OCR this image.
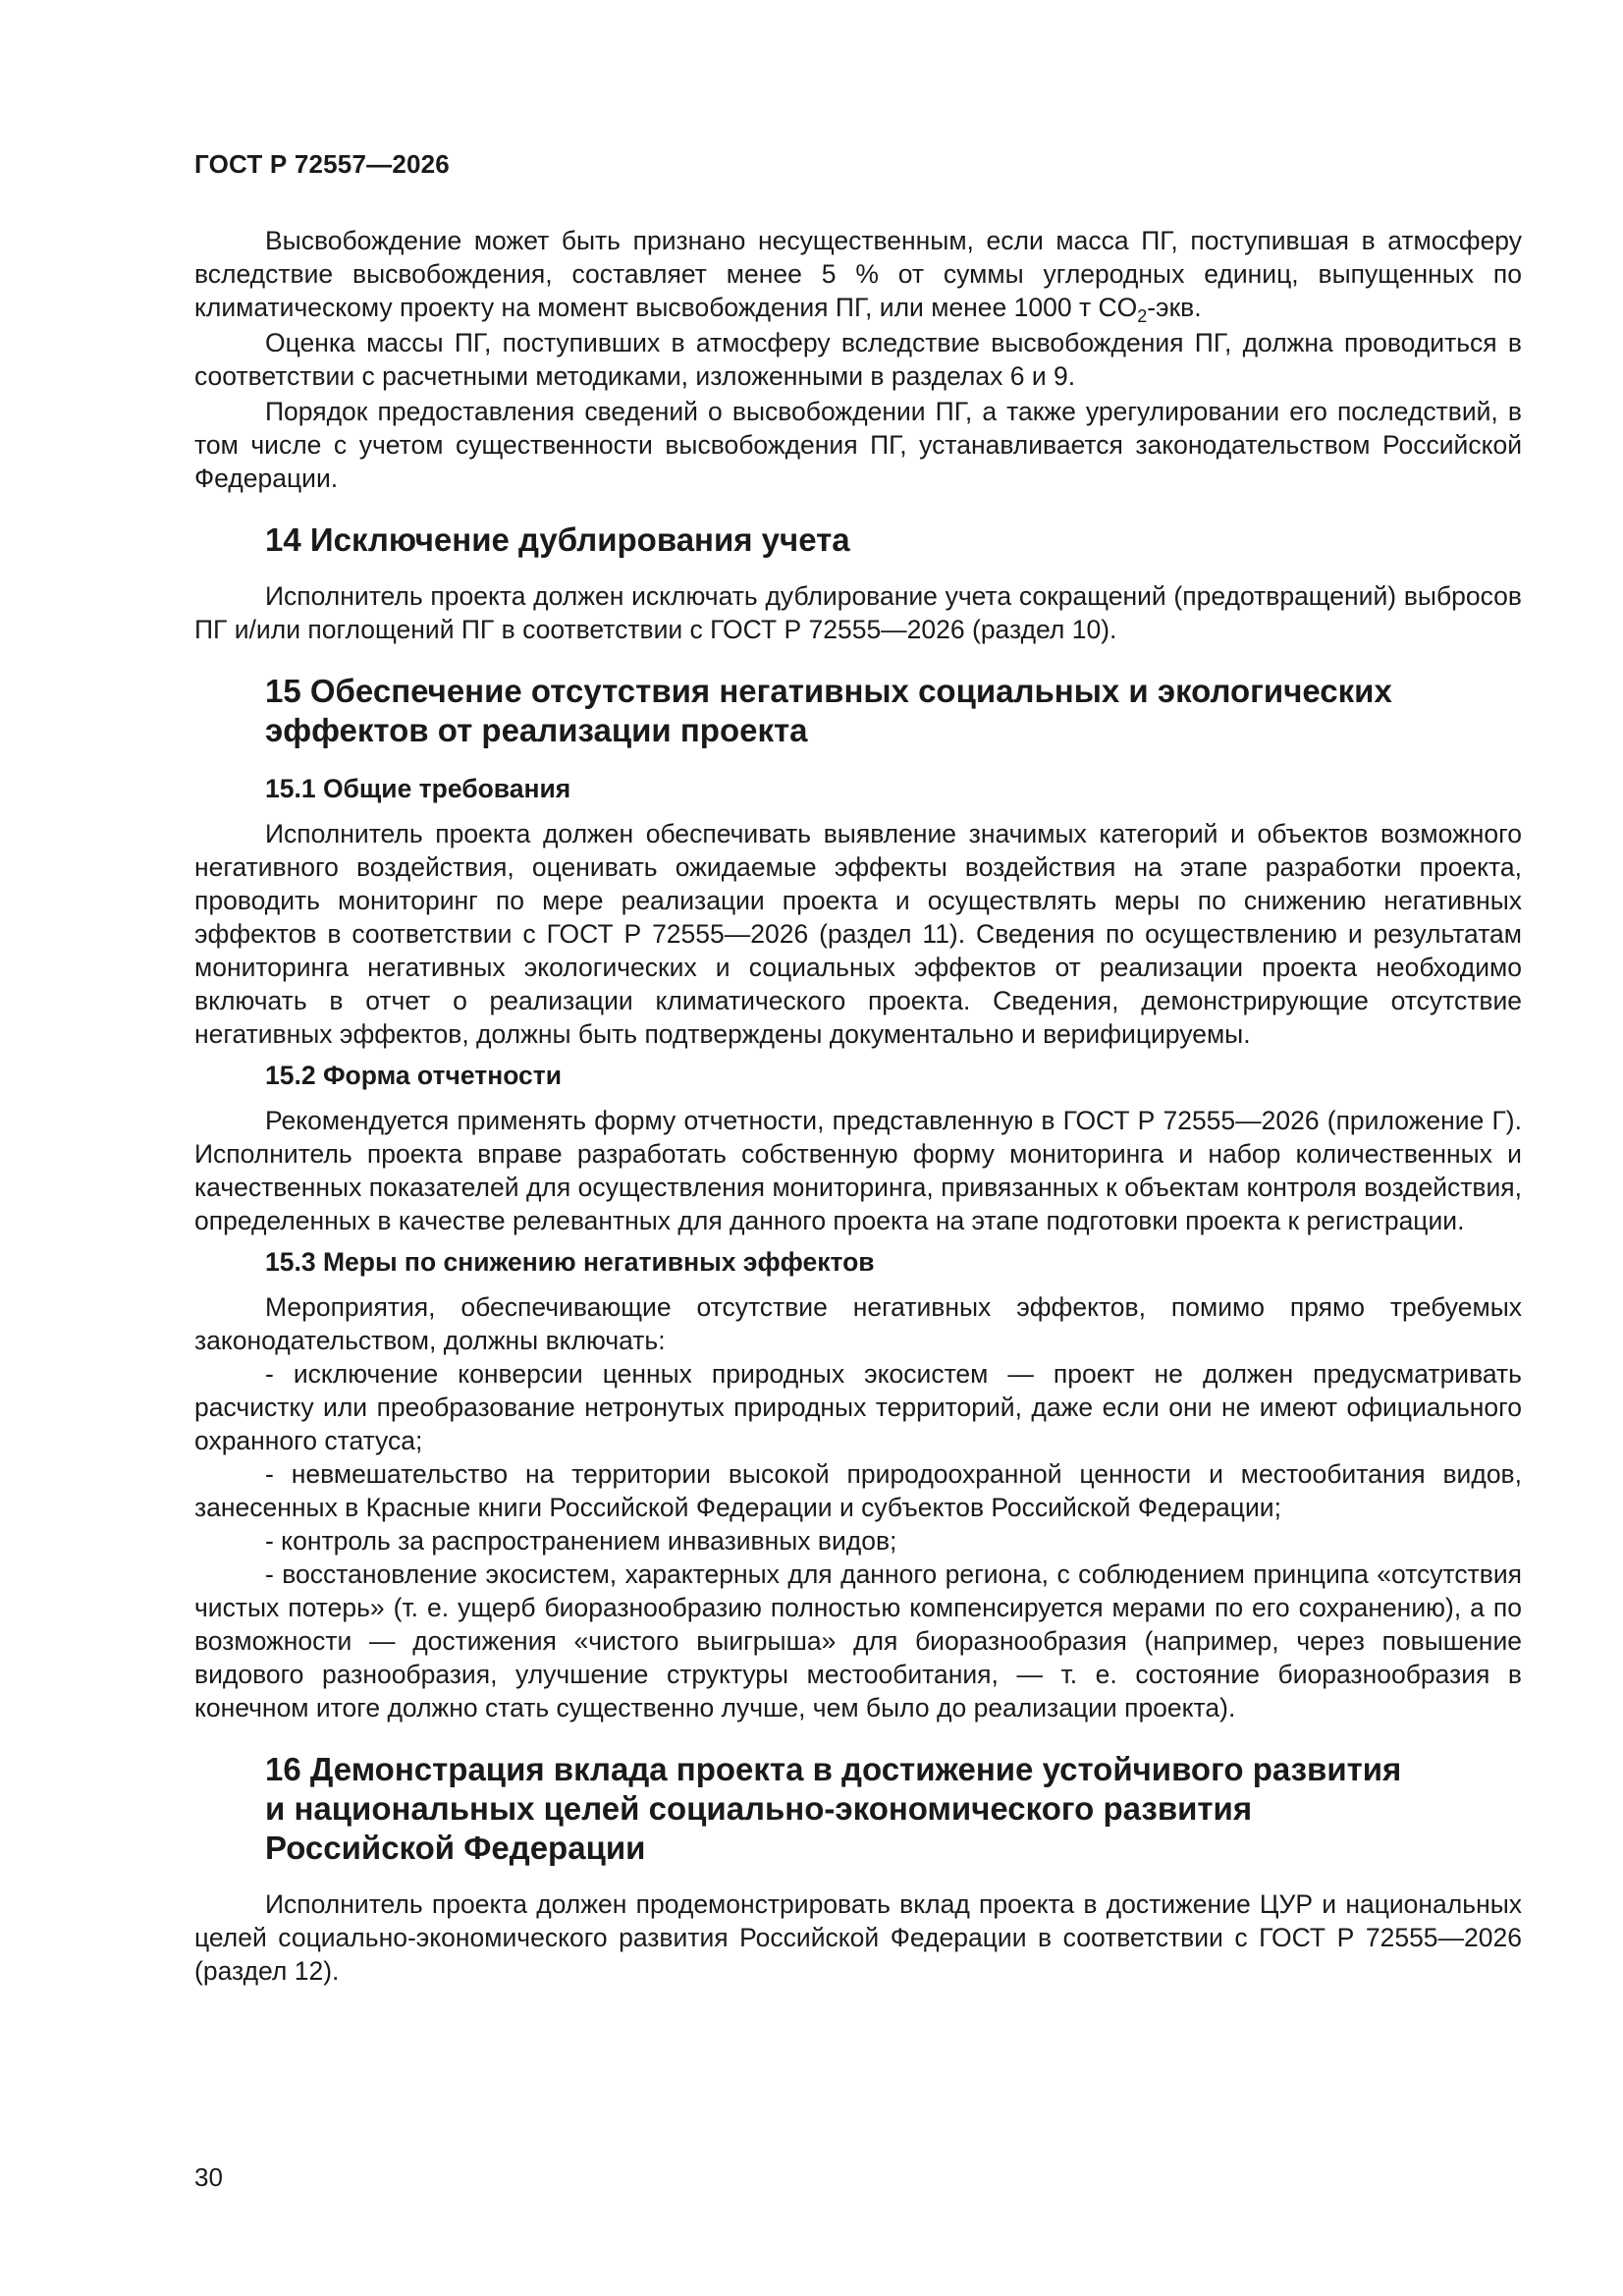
ГОСТ Р 72557—2026

Высвобождение может быть признано несущественным, если масса ПГ, поступившая в атмосферу вследствие высвобождения, составляет менее 5 % от суммы углеродных единиц, выпущенных по климатическому проекту на момент высвобождения ПГ, или менее 1000 т $CO_2$-экв.

Оценка массы ПГ, поступивших в атмосферу вследствие высвобождения ПГ, должна проводиться в соответствии с расчетными методиками, изложенными в разделах 6 и 9.

Порядок предоставления сведений о высвобождении ПГ, а также урегулировании его последствий, в том числе с учетом существенности высвобождения ПГ, устанавливается законодательством Российской Федерации.

14 Исключение дублирования учета

Исполнитель проекта должен исключать дублирование учета сокращений (предотвращений) выбросов ПГ и/или поглощений ПГ в соответствии с ГОСТ Р 72555—2026 (раздел 10).

15 Обеспечение отсутствия негативных социальных и экологических
эффектов от реализации проекта
15.1 Общие требования

Исполнитель проекта должен обеспечивать выявление значимых категорий и объектов возможного негативного воздействия, оценивать ожидаемые эффекты воздействия на этапе разработки проекта, проводить мониторинг по мере реализации проекта и осуществлять меры по снижению негативных эффектов в соответствии с ГОСТ Р 72555—2026 (раздел 11). Сведения по осуществлению и результатам мониторинга негативных экологических и социальных эффектов от реализации проекта необходимо включать в отчет о реализации климатического проекта. Сведения, демонстрирующие отсутствие негативных эффектов, должны быть подтверждены документально и верифицируемы.

15.2 Форма отчетности

Рекомендуется применять форму отчетности, представленную в ГОСТ Р 72555—2026 (приложение Г). Исполнитель проекта вправе разработать собственную форму мониторинга и набор количественных и качественных показателей для осуществления мониторинга, привязанных к объектам контроля воздействия, определенных в качестве релевантных для данного проекта на этапе подготовки проекта к регистрации.

15.3 Меры по снижению негативных эффектов

Мероприятия, обеспечивающие отсутствие негативных эффектов, помимо прямо требуемых законодательством, должны включать:

- исключение конверсии ценных природных экосистем — проект не должен предусматривать расчистку или преобразование нетронутых природных территорий, даже если они не имеют официального охранного статуса;

- невмешательство на территории высокой природоохранной ценности и местообитания видов, занесенных в Красные книги Российской Федерации и субъектов Российской Федерации;

- контроль за распространением инвазивных видов;

- восстановление экосистем, характерных для данного региона, с соблюдением принципа «отсутствия чистых потерь» (т. е. ущерб биоразнообразию полностью компенсируется мерами по его сохранению), а по возможности — достижения «чистого выигрыша» для биоразнообразия (например, через повышение видового разнообразия, улучшение структуры местообитания, — т. е. состояние биоразнообразия в конечном итоге должно стать существенно лучше, чем было до реализации проекта).

16 Демонстрация вклада проекта в достижение устойчивого развития
и национальных целей социально-экономического развития
Российской Федерации

Исполнитель проекта должен продемонстрировать вклад проекта в достижение ЦУР и национальных целей социально-экономического развития Российской Федерации в соответствии с ГОСТ Р 72555—2026 (раздел 12).

30
